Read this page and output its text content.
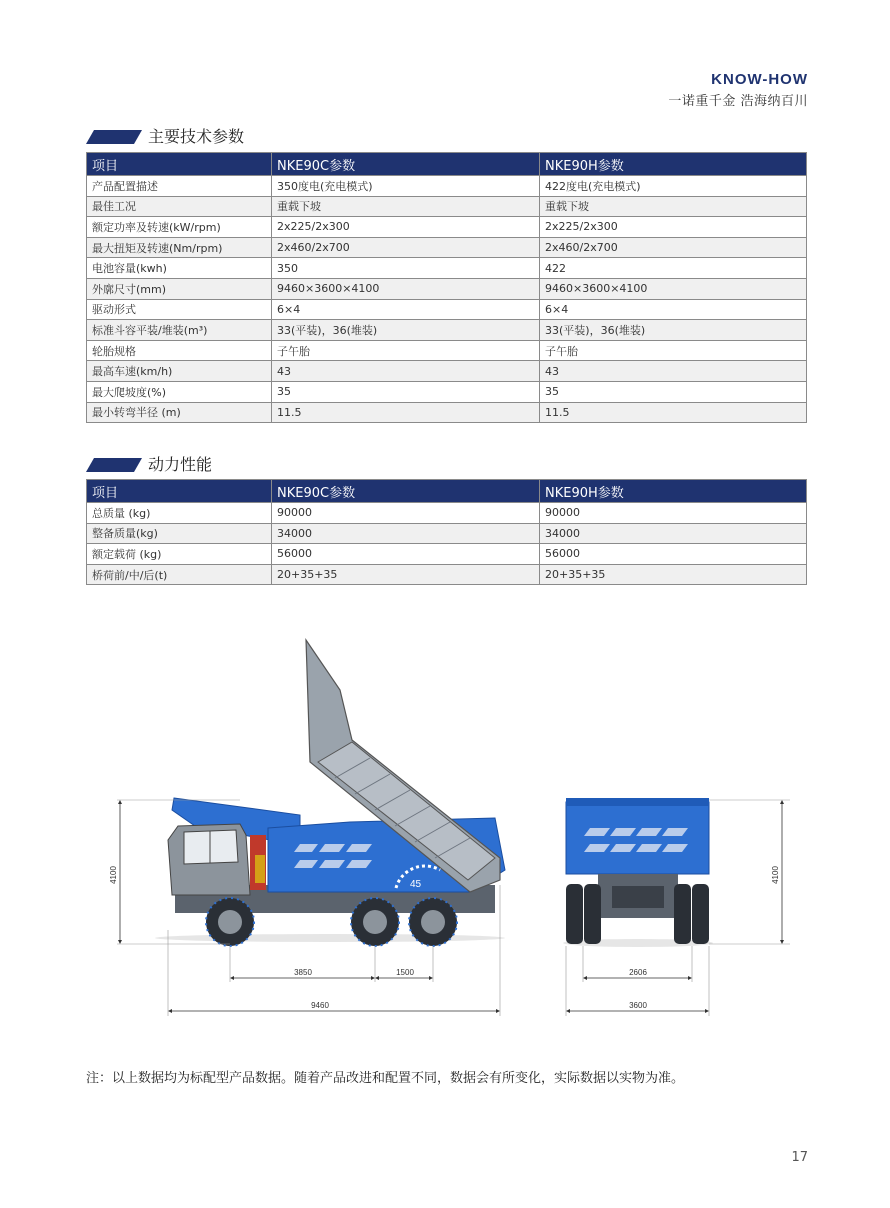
KNOW-HOW
一诺重千金 浩海纳百川
主要技术参数
项目	NKE90C参数	NKE90H参数
产品配置描述	350度电(充电模式)	422度电(充电模式)
最佳工况	重载下坡	重载下坡
额定功率及转速(kW/rpm)	2x225/2x300	2x225/2x300
最大扭矩及转速(Nm/rpm)	2x460/2x700	2x460/2x700
电池容量(kwh)	350	422
外廓尺寸(mm)	9460×3600×4100	9460×3600×4100
驱动形式	6×4	6×4
标准斗容平装/堆装(m³)	33(平装)，36(堆装)	33(平装)，36(堆装)
轮胎规格	子午胎	子午胎
最高车速(km/h)	43	43
最大爬坡度(%)	35	35
最小转弯半径 (m)	11.5	11.5
动力性能
项目	NKE90C参数	NKE90H参数
总质量 (kg)	90000	90000
整备质量(kg)	34000	34000
额定载荷 (kg)	56000	56000
桥荷前/中/后(t)	20+35+35	20+35+35
45
4100
3850	1500
9460
2606
3600
4100
注：以上数据均为标配型产品数据。随着产品改进和配置不同，数据会有所变化，实际数据以实物为准。
17
